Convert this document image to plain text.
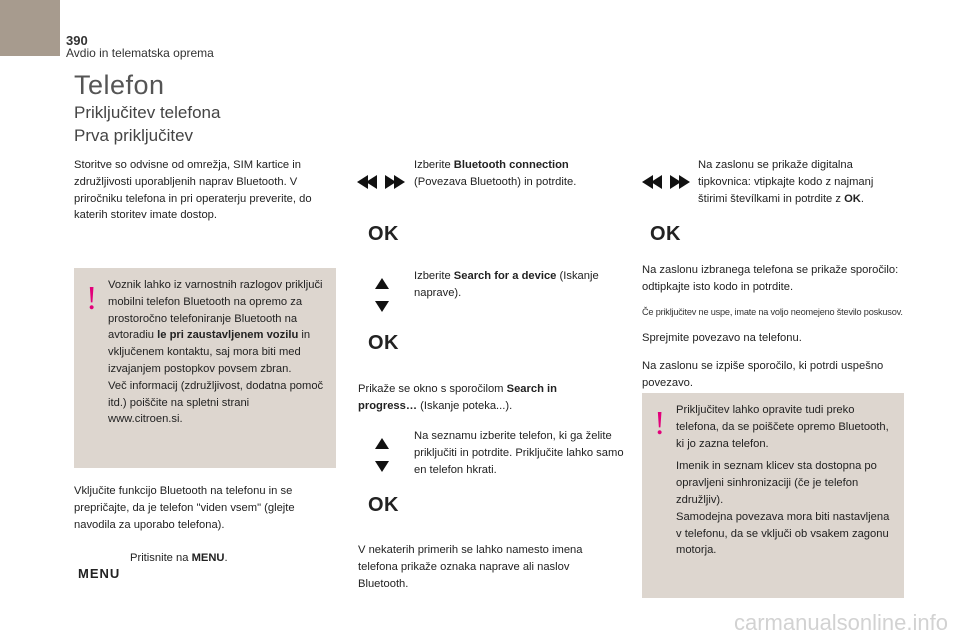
390
Avdio in telematska oprema
Telefon
Priključitev telefona
Prva priključitev
Storitve so odvisne od omrežja, SIM kartice in združljivosti uporabljenih naprav Bluetooth. V priročniku telefona in pri operaterju preverite, do katerih storitev imate dostop.
! Voznik lahko iz varnostnih razlogov priključi mobilni telefon Bluetooth na opremo za prostoročno telefoniranje Bluetooth na avtoradiu le pri zaustavljenem vozilu in vključenem kontaktu, saj mora biti med izvajanjem postopkov povsem zbran.
Več informacij (združljivost, dodatna pomoč itd.) poiščite na spletni strani www.citroen.si.
Vključite funkcijo Bluetooth na telefonu in se prepričajte, da je telefon "viden vsem" (glejte navodila za uporabo telefona).
Pritisnite na MENU.
MENU
Izberite Bluetooth connection
(Povezava Bluetooth) in potrdite.
OK
Izberite Search for a device (Iskanje naprave).
OK
Prikaže se okno s sporočilom Search in progress… (Iskanje poteka...).
Na seznamu izberite telefon, ki ga želite priključiti in potrdite. Priključite lahko samo en telefon hkrati.
OK
V nekaterih primerih se lahko namesto imena telefona prikaže oznaka naprave ali naslov Bluetooth.
Na zaslonu se prikaže digitalna tipkovnica: vtipkajte kodo z najmanj štirimi števílkami in potrdite z OK.
OK
Na zaslonu izbranega telefona se prikaže sporočilo: odtipkajte isto kodo in potrdite.
Če priključitev ne uspe, imate na voljo neomejeno število poskusov.
Sprejmite povezavo na telefonu.
Na zaslonu se izpiše sporočilo, ki potrdi uspešno povezavo.
! Priključitev lahko opravite tudi preko telefona, da se poiščete opremo Bluetooth, ki jo zazna telefon.
Imenik in seznam klicev sta dostopna po opravljeni sinhronizaciji (če je telefon združljiv).
Samodejna povezava mora biti nastavljena v telefonu, da se vključi ob vsakem zagonu motorja.
carmanualsonline.info
